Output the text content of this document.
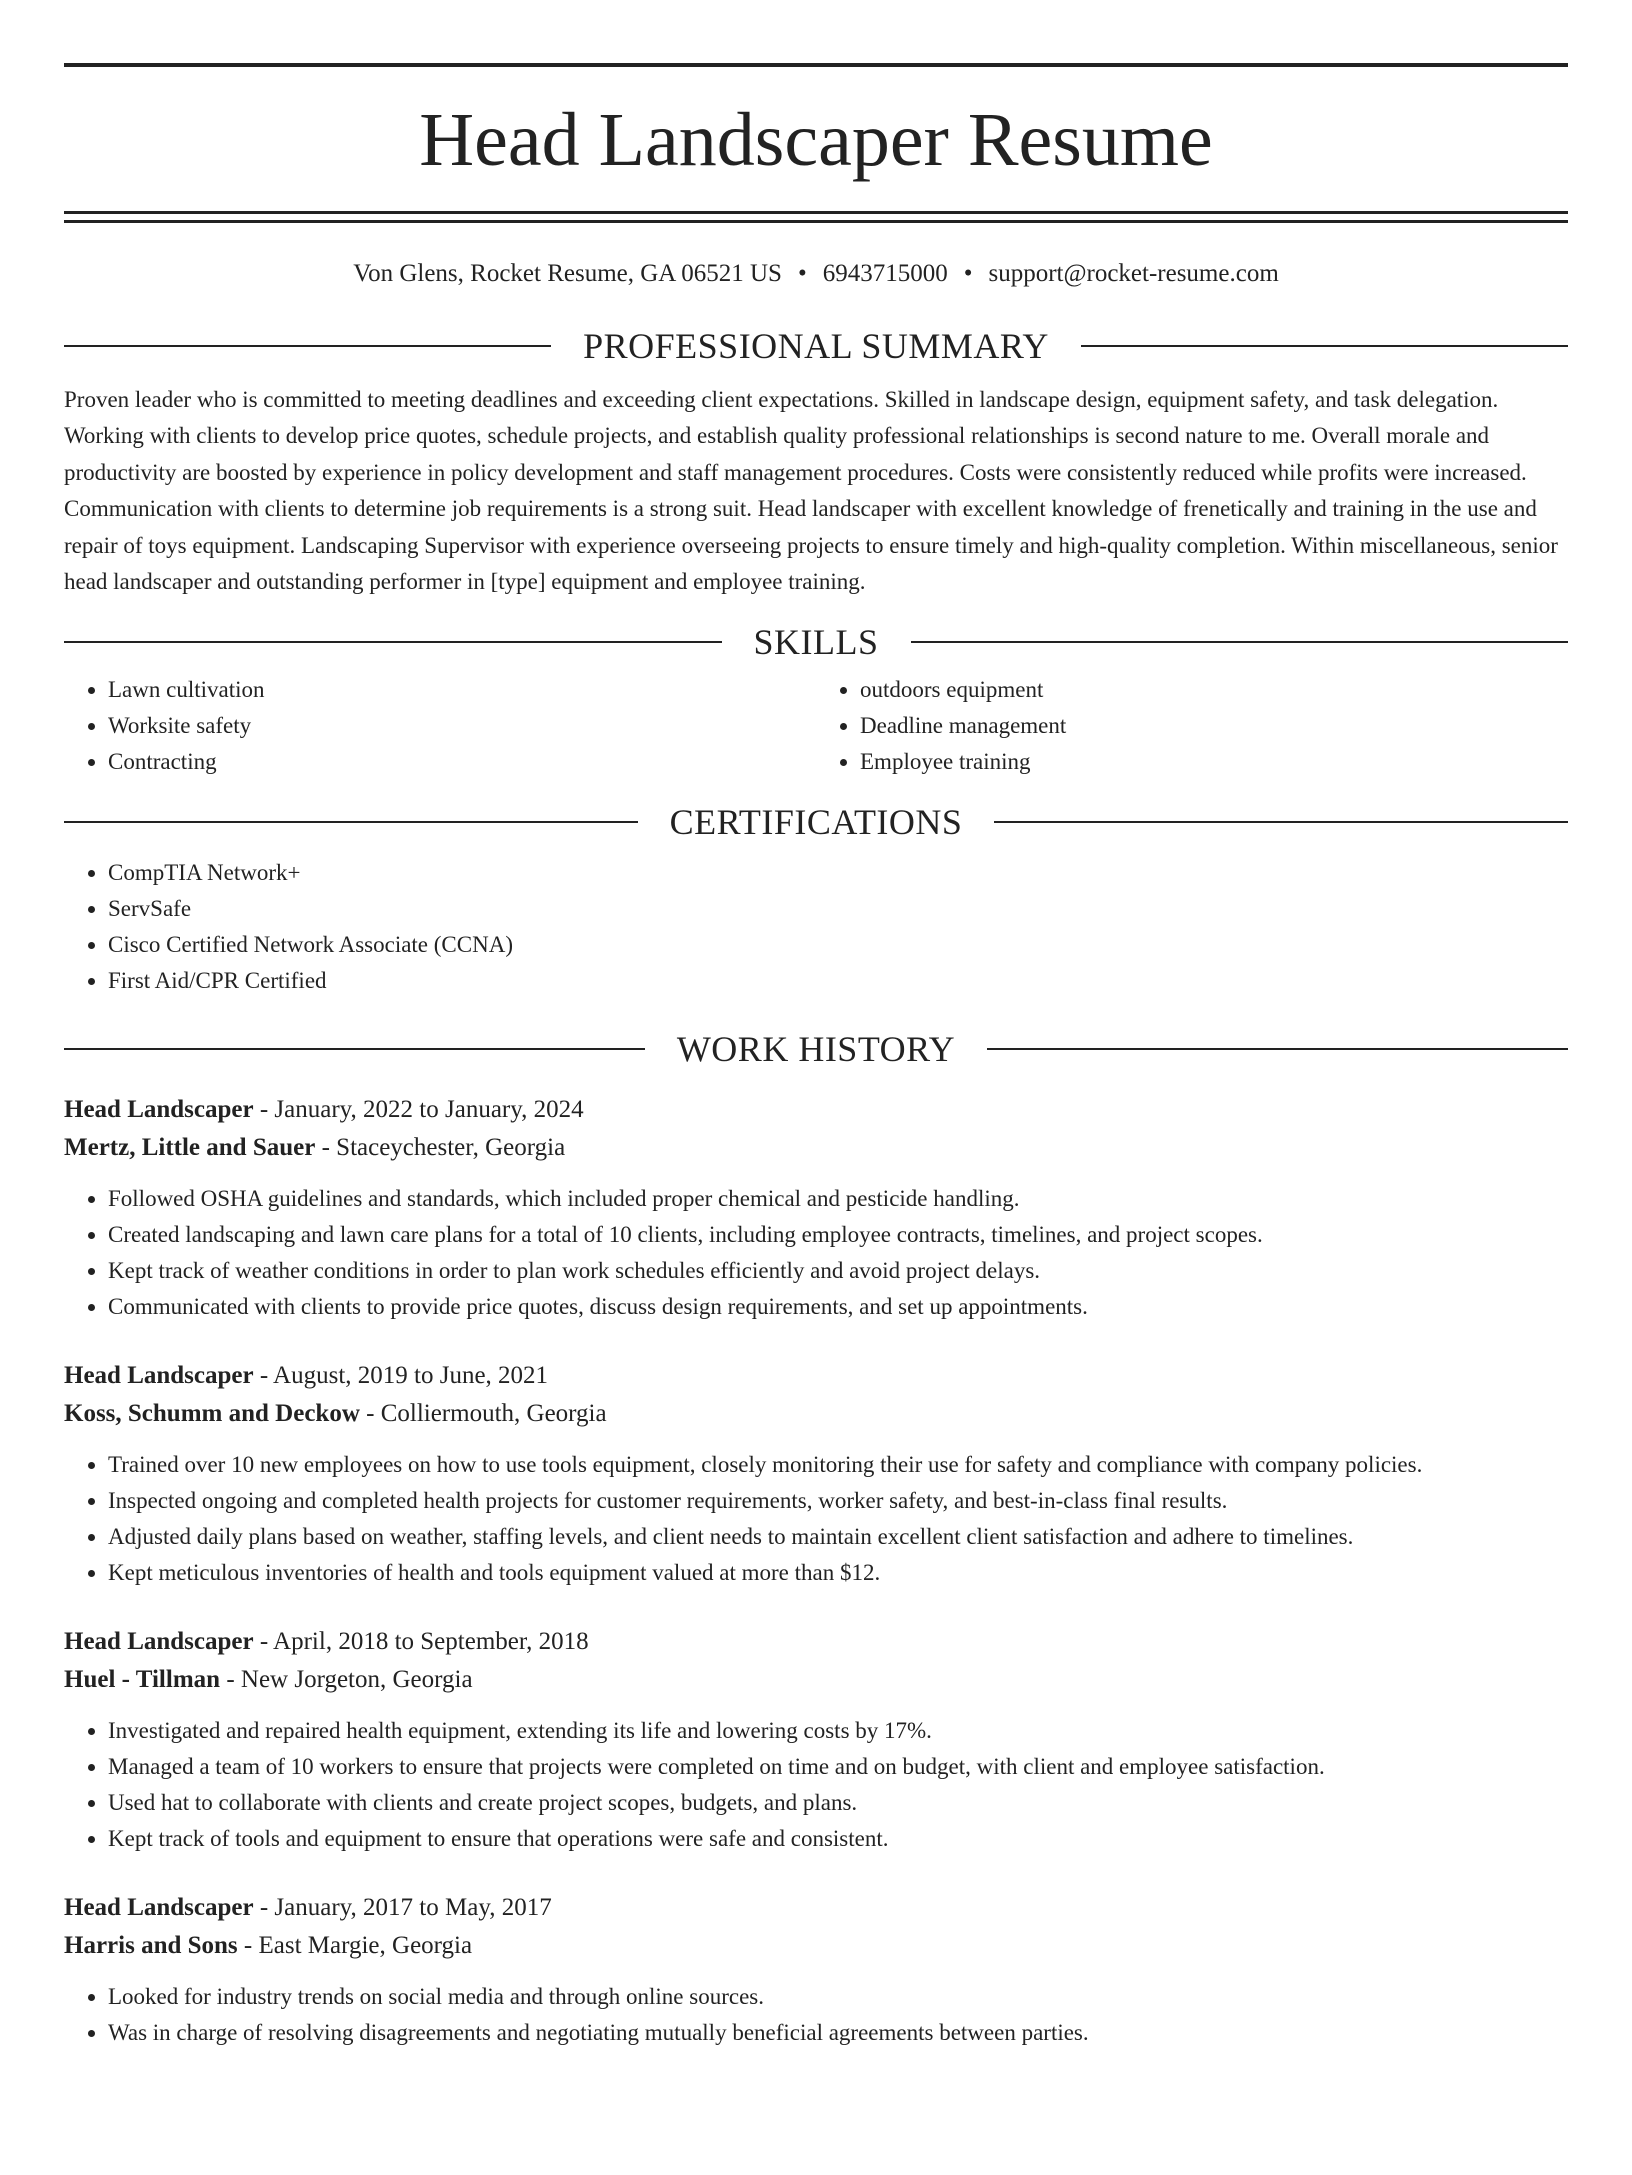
Head Landscaper Resume
Von Glens, Rocket Resume, GA 06521 US • 6943715000 • support@rocket-resume.com
PROFESSIONAL SUMMARY

Proven leader who is committed to meeting deadlines and exceeding client expectations. Skilled in landscape design, equipment safety, and task delegation. Working with clients to develop price quotes, schedule projects, and establish quality professional relationships is second nature to me. Overall morale and productivity are boosted by experience in policy development and staff management procedures. Costs were consistently reduced while profits were increased. Communication with clients to determine job requirements is a strong suit. Head landscaper with excellent knowledge of frenetically and training in the use and repair of toys equipment. Landscaping Supervisor with experience overseeing projects to ensure timely and high-quality completion. Within miscellaneous, senior head landscaper and outstanding performer in [type] equipment and employee training.

SKILLS
• Lawn cultivation
• Worksite safety
• Contracting
• outdoors equipment
• Deadline management
• Employee training
CERTIFICATIONS
• CompTIA Network+
• ServSafe
• Cisco Certified Network Associate (CCNA)
• First Aid/CPR Certified
WORK HISTORY
Head Landscaper - January, 2022 to January, 2024
Mertz, Little and Sauer - Staceychester, Georgia
• Followed OSHA guidelines and standards, which included proper chemical and pesticide handling.
• Created landscaping and lawn care plans for a total of 10 clients, including employee contracts, timelines, and project scopes.
• Kept track of weather conditions in order to plan work schedules efficiently and avoid project delays.
• Communicated with clients to provide price quotes, discuss design requirements, and set up appointments.
Head Landscaper - August, 2019 to June, 2021
Koss, Schumm and Deckow - Colliermouth, Georgia
• Trained over 10 new employees on how to use tools equipment, closely monitoring their use for safety and compliance with company policies.
• Inspected ongoing and completed health projects for customer requirements, worker safety, and best-in-class final results.
• Adjusted daily plans based on weather, staffing levels, and client needs to maintain excellent client satisfaction and adhere to timelines.
• Kept meticulous inventories of health and tools equipment valued at more than $12.
Head Landscaper - April, 2018 to September, 2018
Huel - Tillman - New Jorgeton, Georgia
• Investigated and repaired health equipment, extending its life and lowering costs by 17%.
• Managed a team of 10 workers to ensure that projects were completed on time and on budget, with client and employee satisfaction.
• Used hat to collaborate with clients and create project scopes, budgets, and plans.
• Kept track of tools and equipment to ensure that operations were safe and consistent.
Head Landscaper - January, 2017 to May, 2017
Harris and Sons - East Margie, Georgia
• Looked for industry trends on social media and through online sources.
• Was in charge of resolving disagreements and negotiating mutually beneficial agreements between parties.
